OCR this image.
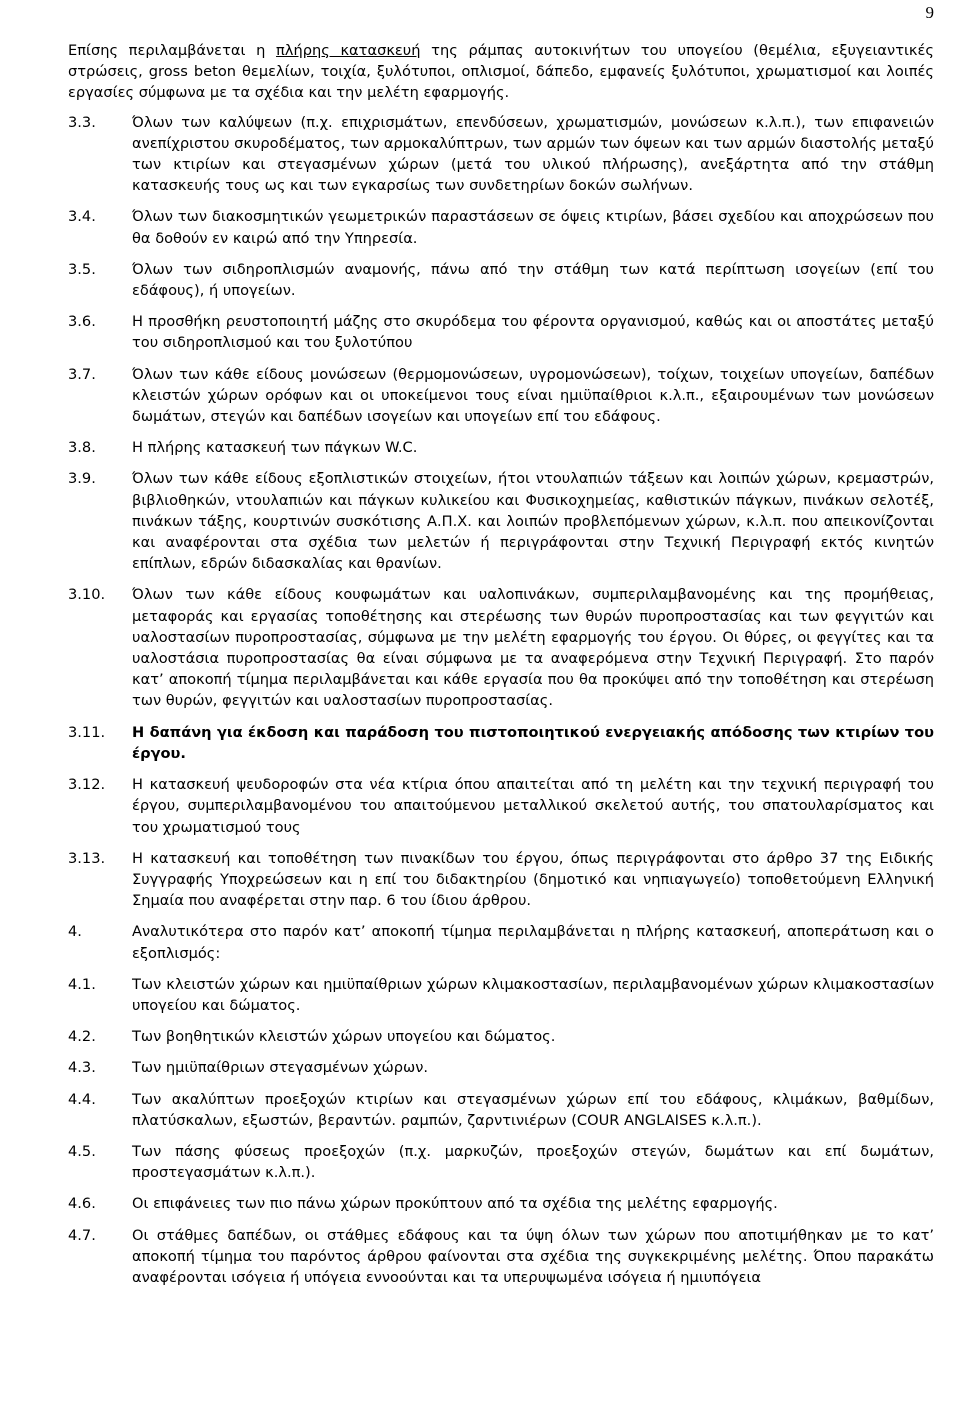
9

Επίσης περιλαμβάνεται η πλήρης κατασκευή της ράμπας αυτοκινήτων του υπογείου (θεμέλια, εξυγειαντικές στρώσεις, gross beton θεμελίων, τοιχία, ξυλότυποι, οπλισμοί, δάπεδο, εμφανείς ξυλότυποι, χρωματισμοί και λοιπές εργασίες σύμφωνα με τα σχέδια και την μελέτη εφαρμογής.

3.3.	Όλων των καλύψεων (π.χ. επιχρισμάτων, επενδύσεων, χρωματισμών, μονώσεων κ.λ.π.), των επιφανειών ανεπίχριστου σκυροδέματος, των αρμοκαλύπτρων, των αρμών των όψεων και των αρμών διαστολής μεταξύ των κτιρίων και στεγασμένων χώρων (μετά του υλικού πλήρωσης), ανεξάρτητα από την στάθμη κατασκευής τους ως και των εγκαρσίως των συνδετηρίων δοκών σωλήνων.
3.4.	Όλων των διακοσμητικών γεωμετρικών παραστάσεων σε όψεις κτιρίων, βάσει σχεδίου και αποχρώσεων που θα δοθούν εν καιρώ από την Υπηρεσία.
3.5.	Όλων των σιδηροπλισμών αναμονής, πάνω από την στάθμη των κατά περίπτωση ισογείων (επί του εδάφους), ή υπογείων.
3.6.	Η προσθήκη ρευστοποιητή μάζης στο σκυρόδεμα του φέροντα οργανισμού, καθώς και οι αποστάτες μεταξύ του σιδηροπλισμού και του ξυλοτύπου
3.7.	Όλων των κάθε είδους μονώσεων (θερμομονώσεων, υγρομονώσεων), τοίχων, τοιχείων υπογείων, δαπέδων κλειστών χώρων ορόφων και οι υποκείμενοι τους είναι ημιϋπαίθριοι κ.λ.π., εξαιρουμένων των μονώσεων δωμάτων, στεγών και δαπέδων ισογείων και υπογείων επί του εδάφους.
3.8.	Η πλήρης κατασκευή των πάγκων W.C.
3.9.	Όλων των κάθε είδους εξοπλιστικών στοιχείων, ήτοι ντουλαπιών τάξεων και λοιπών χώρων, κρεμαστρών, βιβλιοθηκών, ντουλαπιών και πάγκων κυλικείου και Φυσικοχημείας, καθιστικών πάγκων, πινάκων σελοτέξ, πινάκων τάξης, κουρτινών συσκότισης Α.Π.Χ. και λοιπών προβλεπόμενων χώρων, κ.λ.π. που απεικονίζονται και αναφέρονται στα σχέδια των μελετών ή περιγράφονται στην Τεχνική Περιγραφή εκτός κινητών επίπλων, εδρών διδασκαλίας και θρανίων.
3.10.	Όλων των κάθε είδους κουφωμάτων και υαλοπινάκων, συμπεριλαμβανομένης και της προμήθειας, μεταφοράς και εργασίας τοποθέτησης και στερέωσης των θυρών πυροπροστασίας και των φεγγιτών και υαλοστασίων πυροπροστασίας, σύμφωνα με την μελέτη εφαρμογής του έργου. Οι θύρες, οι φεγγίτες και τα υαλοστάσια πυροπροστασίας θα είναι σύμφωνα με τα αναφερόμενα στην Τεχνική Περιγραφή. Στο παρόν κατ’ αποκοπή τίμημα περιλαμβάνεται και κάθε εργασία που θα προκύψει από την τοποθέτηση και στερέωση των θυρών, φεγγιτών και υαλοστασίων πυροπροστασίας.
3.11.	Η δαπάνη για έκδοση και παράδοση του πιστοποιητικού ενεργειακής απόδοσης των κτιρίων του έργου.
3.12.	Η κατασκευή ψευδοροφών στα νέα κτίρια όπου απαιτείται από τη μελέτη και την τεχνική περιγραφή του έργου, συμπεριλαμβανομένου του απαιτούμενου μεταλλικού σκελετού αυτής, του σπατουλαρίσματος και του χρωματισμού τους
3.13.	Η κατασκευή και τοποθέτηση των πινακίδων του έργου, όπως περιγράφονται στο άρθρο 37 της Ειδικής Συγγραφής Υποχρεώσεων και η επί του διδακτηρίου (δημοτικό και νηπιαγωγείο) τοποθετούμενη Ελληνική Σημαία που αναφέρεται στην παρ. 6 του ίδιου άρθρου.
4.	Αναλυτικότερα στο παρόν κατ’ αποκοπή τίμημα περιλαμβάνεται η πλήρης κατασκευή, αποπεράτωση και ο εξοπλισμός:
4.1.	Των κλειστών χώρων και ημιϋπαίθριων χώρων κλιμακοστασίων, περιλαμβανομένων χώρων κλιμακοστασίων υπογείου και δώματος.
4.2.	Των βοηθητικών κλειστών χώρων υπογείου και δώματος.
4.3.	Των ημιϋπαίθριων στεγασμένων χώρων.
4.4.	Των ακαλύπτων προεξοχών κτιρίων και στεγασμένων χώρων επί του εδάφους, κλιμάκων, βαθμίδων, πλατύσκαλων, εξωστών, βεραντών. ραμπών, ζαρντινιέρων (COUR ANGLAISES κ.λ.π.).
4.5.	Των πάσης φύσεως προεξοχών (π.χ. μαρκυζών, προεξοχών στεγών, δωμάτων και επί δωμάτων, προστεγασμάτων κ.λ.π.).
4.6.	Οι επιφάνειες των πιο πάνω χώρων προκύπτουν από τα σχέδια της μελέτης εφαρμογής.
4.7.	Οι στάθμες δαπέδων, οι στάθμες εδάφους και τα ύψη όλων των χώρων που αποτιμήθηκαν με το κατ’ αποκοπή τίμημα του παρόντος άρθρου φαίνονται στα σχέδια της συγκεκριμένης μελέτης. Όπου παρακάτω αναφέρονται ισόγεια ή υπόγεια εννοούνται και τα υπερυψωμένα ισόγεια ή ημιυπόγεια
